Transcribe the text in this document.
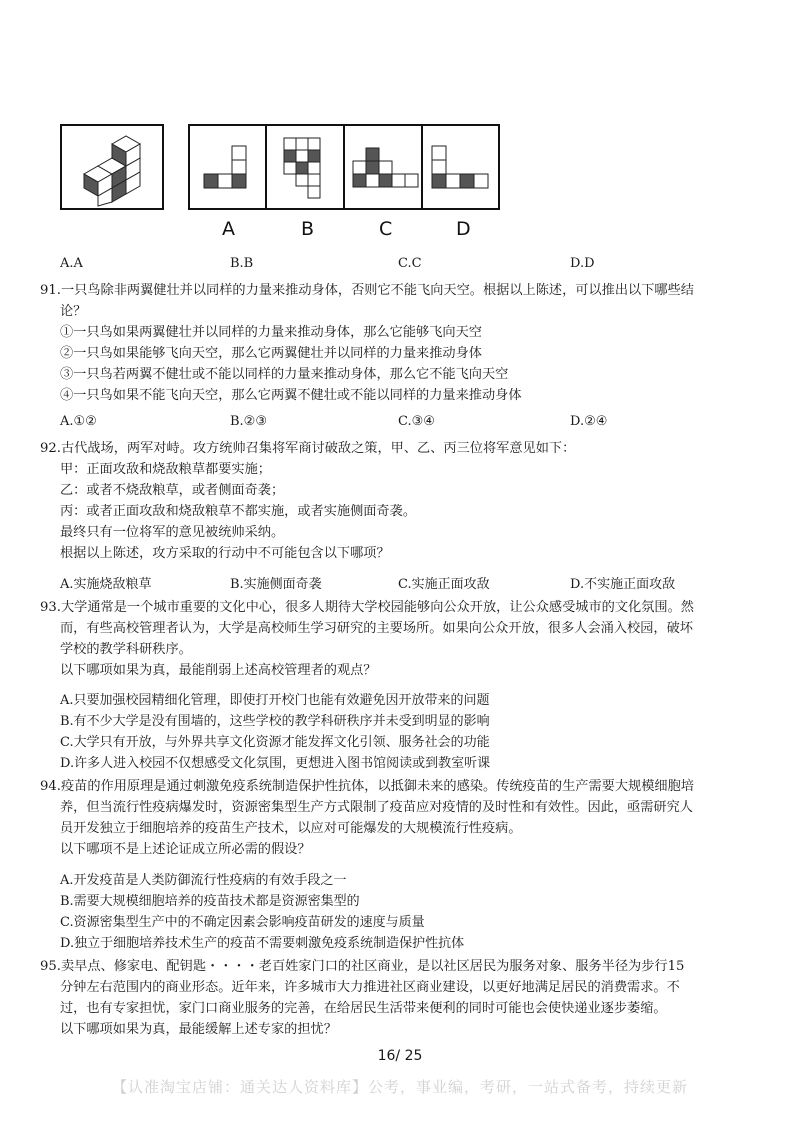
A	B	C	D
A.A	B.B	C.C	D.D
91.一只鸟除非两翼健壮并以同样的力量来推动身体，否则它不能飞向天空。根据以上陈述，可以推出以下哪些结
论？
①一只鸟如果两翼健壮并以同样的力量来推动身体，那么它能够飞向天空
②一只鸟如果能够飞向天空，那么它两翼健壮并以同样的力量来推动身体
③一只鸟若两翼不健壮或不能以同样的力量来推动身体，那么它不能飞向天空
④一只鸟如果不能飞向天空，那么它两翼不健壮或不能以同样的力量来推动身体
A.①②	B.②③	C.③④	D.②④
92.古代战场，两军对峙。攻方统帅召集将军商讨破敌之策，甲、乙、丙三位将军意见如下：
甲：正面攻敌和烧敌粮草都要实施；
乙：或者不烧敌粮草，或者侧面奇袭；
丙：或者正面攻敌和烧敌粮草不都实施，或者实施侧面奇袭。
最终只有一位将军的意见被统帅采纳。
根据以上陈述，攻方采取的行动中不可能包含以下哪项？
A.实施烧敌粮草	B.实施侧面奇袭	C.实施正面攻敌	D.不实施正面攻敌
93.大学通常是一个城市重要的文化中心，很多人期待大学校园能够向公众开放，让公众感受城市的文化氛围。然
而，有些高校管理者认为，大学是高校师生学习研究的主要场所。如果向公众开放，很多人会涌入校园，破坏
学校的教学科研秩序。
以下哪项如果为真，最能削弱上述高校管理者的观点？
A.只要加强校园精细化管理，即使打开校门也能有效避免因开放带来的问题
B.有不少大学是没有围墙的，这些学校的教学科研秩序并未受到明显的影响
C.大学只有开放，与外界共享文化资源才能发挥文化引领、服务社会的功能
D.许多人进入校园不仅想感受文化氛围，更想进入图书馆阅读或到教室听课
94.疫苗的作用原理是通过刺激免疫系统制造保护性抗体，以抵御未来的感染。传统疫苗的生产需要大规模细胞培
养，但当流行性疫病爆发时，资源密集型生产方式限制了疫苗应对疫情的及时性和有效性。因此，亟需研究人
员开发独立于细胞培养的疫苗生产技术，以应对可能爆发的大规模流行性疫病。
以下哪项不是上述论证成立所必需的假设？
A.开发疫苗是人类防御流行性疫病的有效手段之一
B.需要大规模细胞培养的疫苗技术都是资源密集型的
C.资源密集型生产中的不确定因素会影响疫苗研发的速度与质量
D.独立于细胞培养技术生产的疫苗不需要刺激免疫系统制造保护性抗体
95.卖早点、修家电、配钥匙・・・・老百姓家门口的社区商业，是以社区居民为服务对象、服务半径为步行15
分钟左右范围内的商业形态。近年来，许多城市大力推进社区商业建设，以更好地满足居民的消费需求。不
过，也有专家担忧，家门口商业服务的完善，在给居民生活带来便利的同时可能也会使快递业逐步萎缩。
以下哪项如果为真，最能缓解上述专家的担忧？
16/ 25
【认准淘宝店铺：通关达人资料库】公考，事业编，考研，一站式备考，持续更新
